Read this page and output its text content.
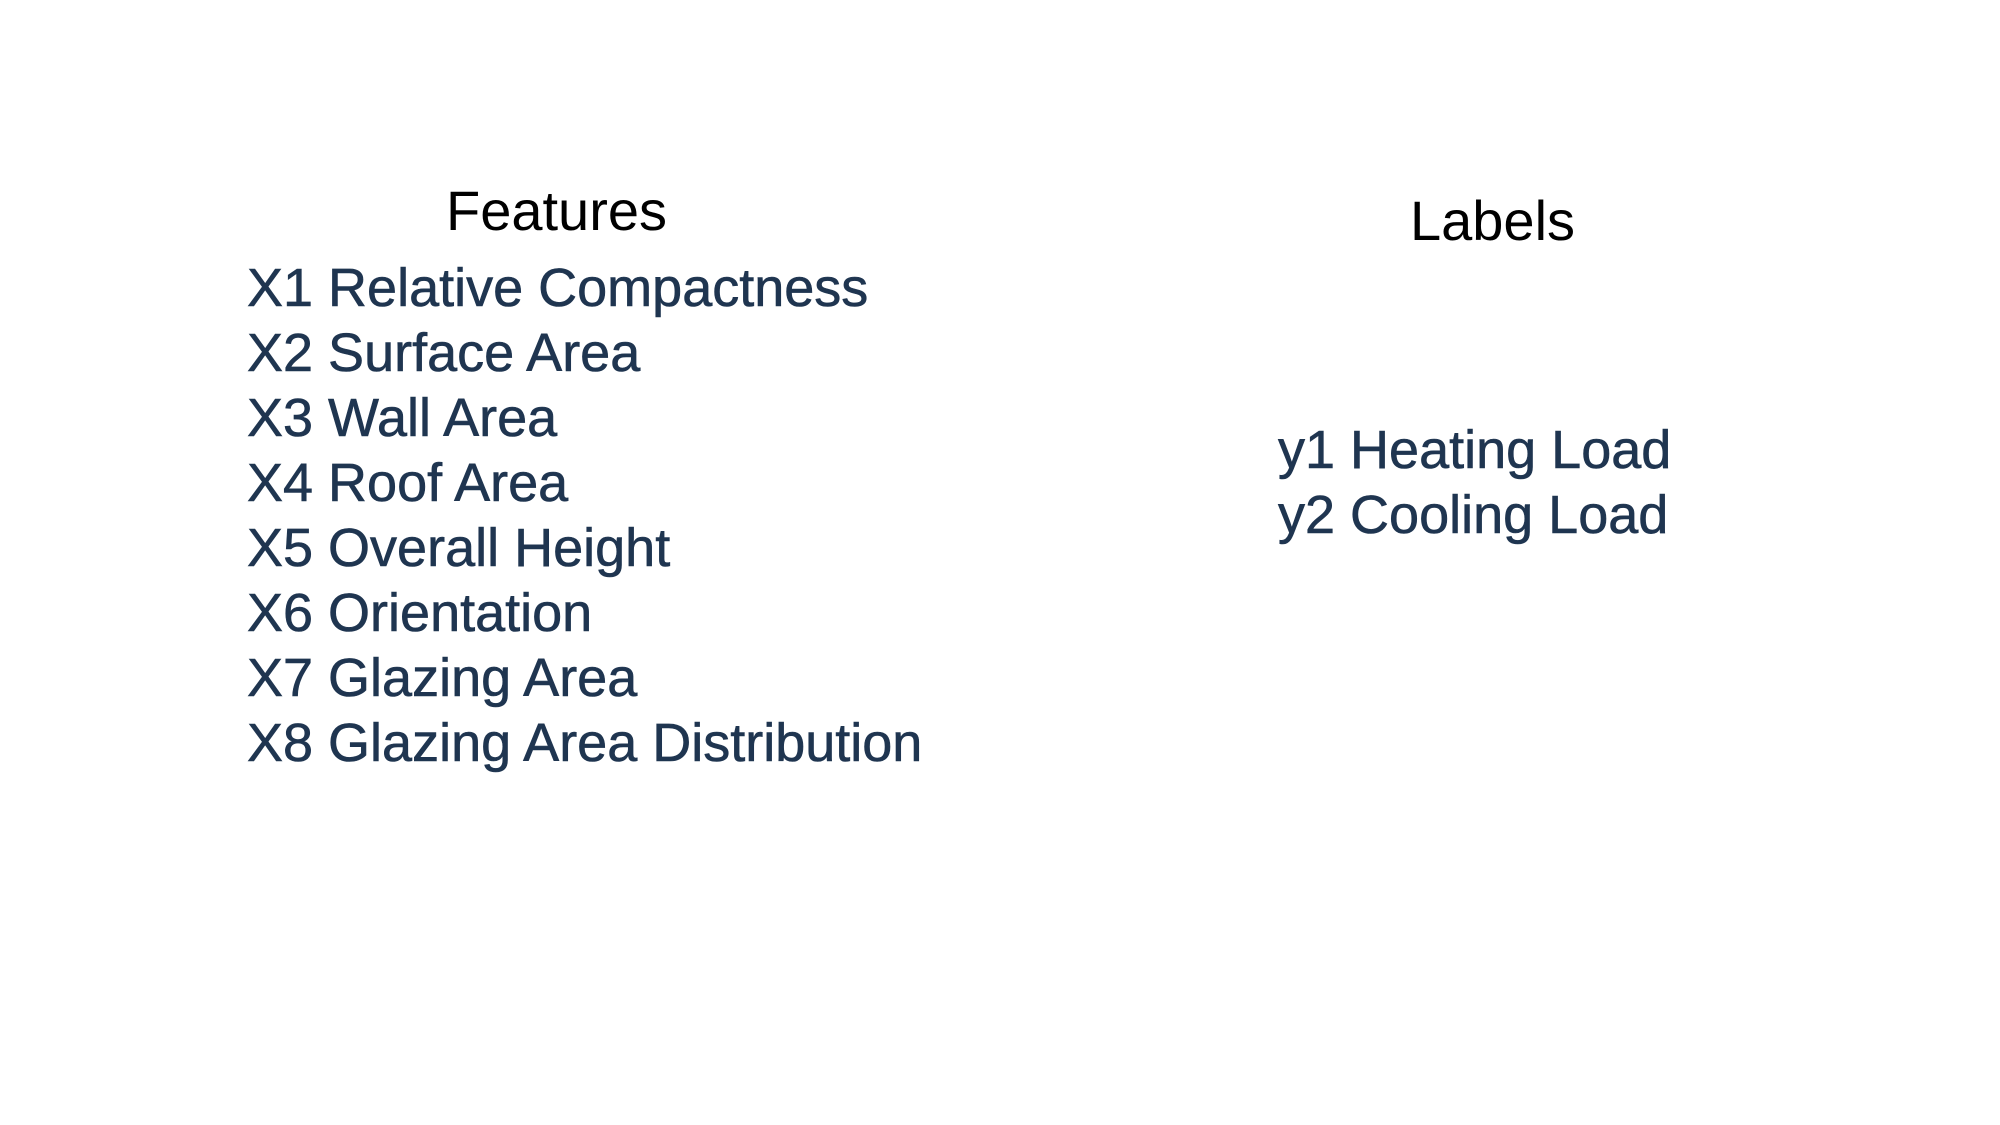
Features
X1 Relative Compactness
X2 Surface Area
X3 Wall Area
X4 Roof Area
X5 Overall Height
X6 Orientation
X7 Glazing Area
X8 Glazing Area Distribution
Labels
y1 Heating Load
y2 Cooling Load
